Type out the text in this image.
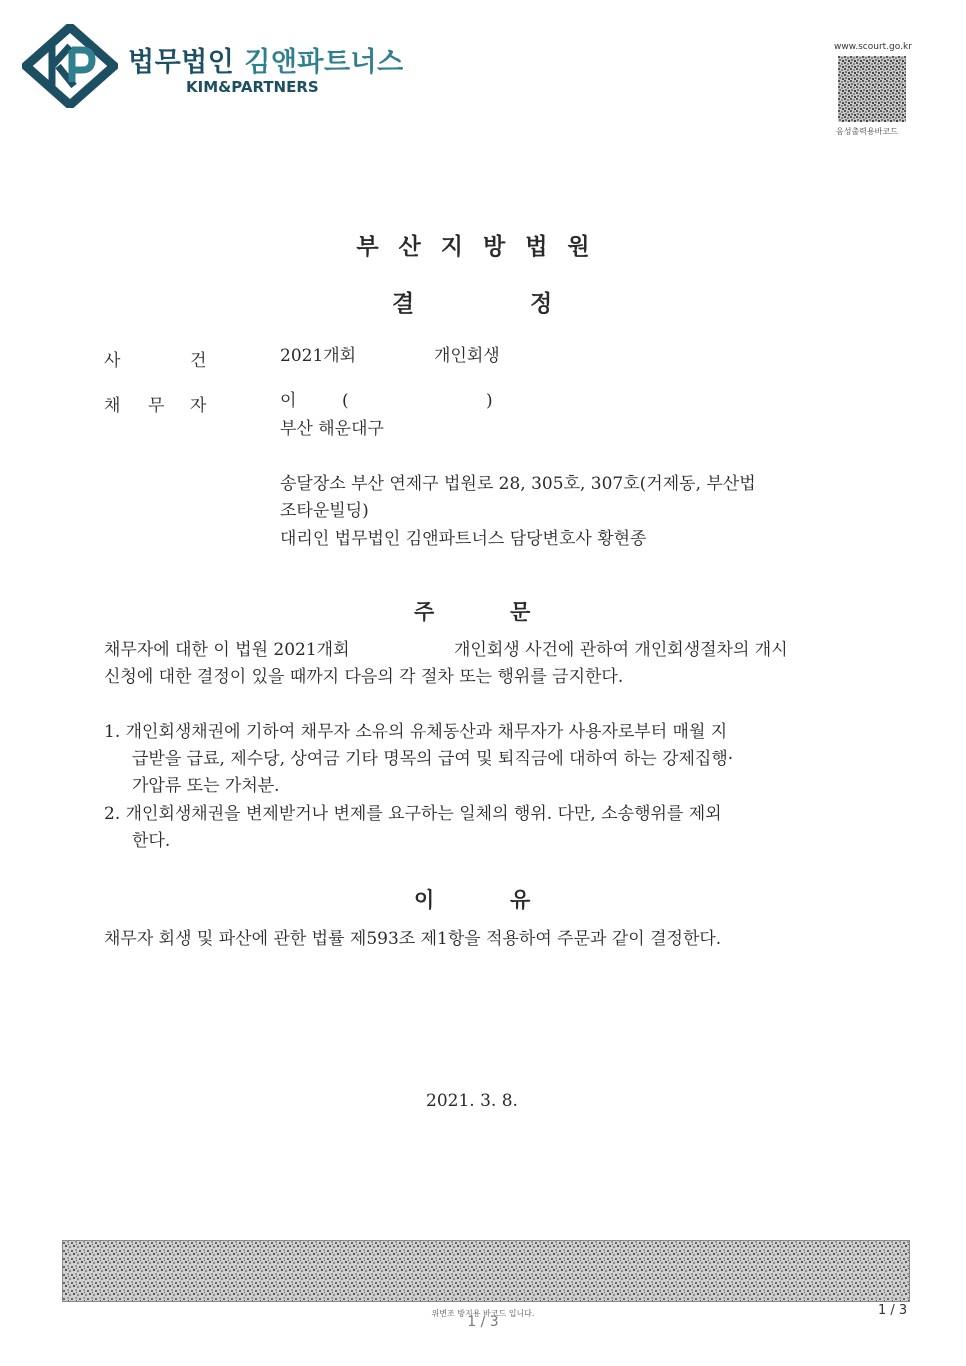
법무법인 김앤파트너스
KIM&PARTNERS
www.scourt.go.kr
음성출력용바코드
부산지방법원
결	정
사	건	2021개회	개인회생
채 무 자	이	(	)
부산 해운대구
송달장소 부산 연제구 법원로 28, 305호, 307호(거제동, 부산법
조타운빌딩)
대리인 법무법인 김앤파트너스 담당변호사 황현종
주	문
채무자에 대한 이 법원 2021개회	개인회생 사건에 관하여 개인회생절차의 개시
신청에 대한 결정이 있을 때까지 다음의 각 절차 또는 행위를 금지한다.
1. 개인회생채권에 기하여 채무자 소유의 유체동산과 채무자가 사용자로부터 매월 지
급받을 급료, 제수당, 상여금 기타 명목의 급여 및 퇴직금에 대하여 하는 강제집행·
가압류 또는 가처분.
2. 개인회생채권을 변제받거나 변제를 요구하는 일체의 행위. 다만, 소송행위를 제외
한다.
이	유
채무자 회생 및 파산에 관한 법률 제593조 제1항을 적용하여 주문과 같이 결정한다.
2021. 3. 8.
위변조 방지용 바코드 입니다.
1 / 3
1 / 3
